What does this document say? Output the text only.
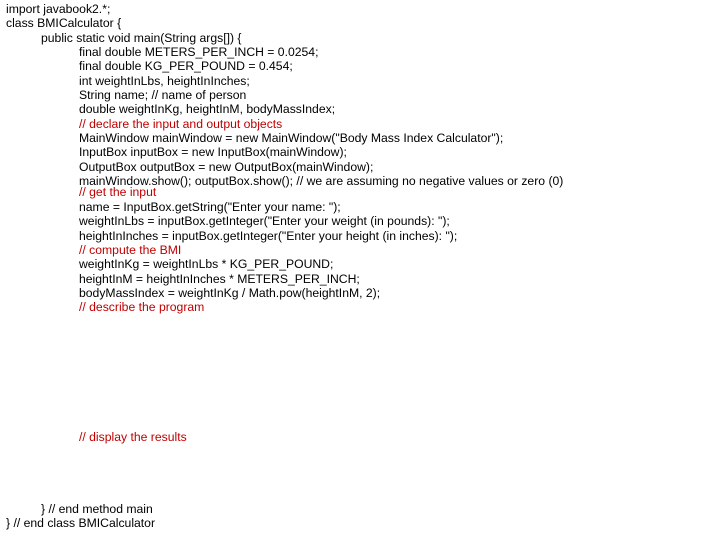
import javabook2.*;
class BMICalculator {
public static void main(String args[]) {
final double METERS_PER_INCH = 0.0254;
final double KG_PER_POUND = 0.454;
int weightInLbs, heightInInches;
String name; // name of person
double weightInKg, heightInM, bodyMassIndex;
// declare the input and output objects
MainWindow mainWindow = new MainWindow("Body Mass Index Calculator");
InputBox inputBox = new InputBox(mainWindow);
OutputBox outputBox = new OutputBox(mainWindow);
mainWindow.show(); outputBox.show(); // we are assuming no negative values or zero (0)
// get the input
name = InputBox.getString("Enter your name: ");
weightInLbs = inputBox.getInteger("Enter your weight (in pounds): ");
heightInInches = inputBox.getInteger("Enter your height (in inches): ");
// compute the BMI
weightInKg = weightInLbs * KG_PER_POUND;
heightInM = heightInInches * METERS_PER_INCH;
bodyMassIndex = weightInKg / Math.pow(heightInM, 2);
// describe the program
// display the results
} // end method main
} // end class BMICalculator
